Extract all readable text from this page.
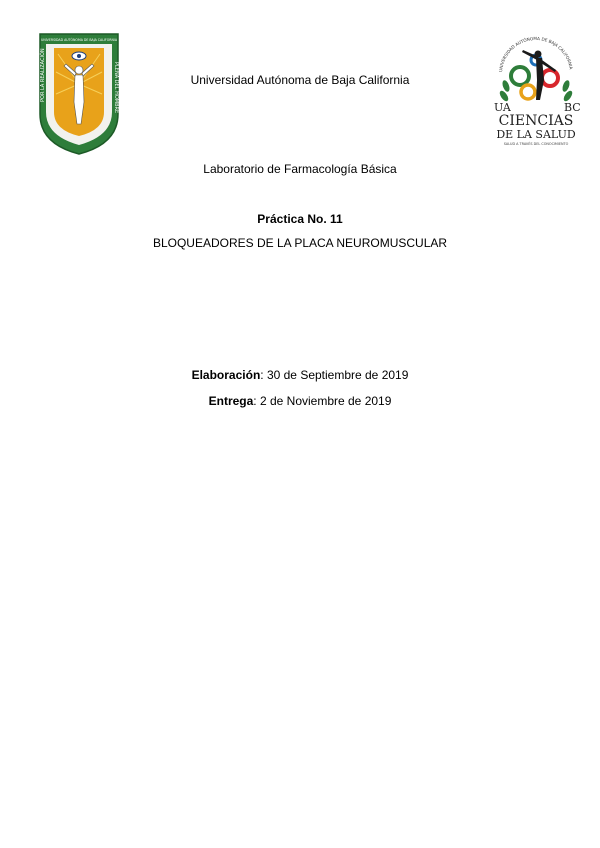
POR LA REALIZACIÓN	PLENA DEL HOMBRE
UNIVERSIDAD AUTÓNOMA DE BAJA CALIFORNIA
UNIVERSIDAD AUTÓNOMA DE BAJA CALIFORNIA
UA	BC
CIENCIAS
DE LA SALUD
SALUD A TRAVÉS DEL CONOCIMIENTO
Universidad Autónoma de Baja California
Laboratorio de Farmacología Básica
Práctica No. 11
BLOQUEADORES DE LA PLACA NEUROMUSCULAR
Elaboración: 30 de Septiembre de 2019
Entrega: 2 de Noviembre de 2019
